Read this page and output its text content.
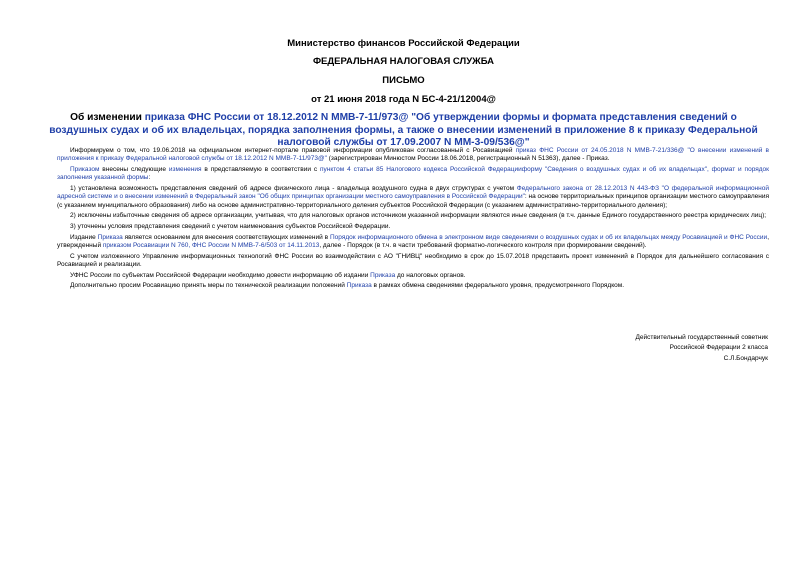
Министерство финансов Российской Федерации
ФЕДЕРАЛЬНАЯ НАЛОГОВАЯ СЛУЖБА
ПИСЬМО
от 21 июня 2018 года N БС-4-21/12004@
Об изменении приказа ФНС России от 18.12.2012 N ММВ-7-11/973@ "Об утверждении формы и формата представления сведений о воздушных судах и об их владельцах, порядка заполнения формы, а также о внесении изменений в приложение 8 к приказу Федеральной налоговой службы от 17.09.2007 N ММ-3-09/536@"

Информируем о том, что 19.06.2018 на официальном интернет-портале правовой информации опубликован согласованный с Росавиацией приказ ФНС России от 24.05.2018 N ММВ-7-21/336@ "О внесении изменений в приложения к приказу Федеральной налоговой службы от 18.12.2012 N ММВ-7-11/973@" (зарегистрирован Минюстом России 18.06.2018, регистрационный N 51363), далее - Приказ.

Приказом внесены следующие изменения в представляемую в соответствии с пунктом 4 статьи 85 Налогового кодекса Российской Федерацииформу "Сведения о воздушных судах и об их владельцах", формат и порядок заполнения указанной формы:

1) установлена возможность представления сведений об адресе физического лица - владельца воздушного судна в двух структурах с учетом Федерального закона от 28.12.2013 N 443-ФЗ "О федеральной информационной адресной системе и о внесении изменений в Федеральный закон "Об общих принципах организации местного самоуправления в Российской Федерации": на основе территориальных принципов организации местного самоуправления (с указанием муниципального образования) либо на основе административно-территориального деления субъектов Российской Федерации (с указанием административно-территориального деления);

2) исключены избыточные сведения об адресе организации, учитывая, что для налоговых органов источником указанной информации являются иные сведения (в т.ч. данные Единого государственного реестра юридических лиц);

3) уточнены условия представления сведений с учетом наименования субъектов Российской Федерации.

Издание Приказа является основанием для внесения соответствующих изменений в Порядок информационного обмена в электронном виде сведениями о воздушных судах и об их владельцах между Росавиацией и ФНС России, утвержденный приказом Росавиации N 760, ФНС России N ММВ-7-6/503 от 14.11.2013, далее - Порядок (в т.ч. в части требований форматно-логического контроля при формировании сведений).

С учетом изложенного Управление информационных технологий ФНС России во взаимодействии с АО "ГНИВЦ" необходимо в срок до 15.07.2018 представить проект изменений в Порядок для дальнейшего согласования с Росавиацией и реализации.

УФНС России по субъектам Российской Федерации необходимо довести информацию об издании Приказа до налоговых органов.

Дополнительно просим Росавиацию принять меры по технической реализации положений Приказа в рамках обмена сведениями федерального уровня, предусмотренного Порядком.

Действительный государственный советник
Российской Федерации 2 класса
С.Л.Бондарчук
